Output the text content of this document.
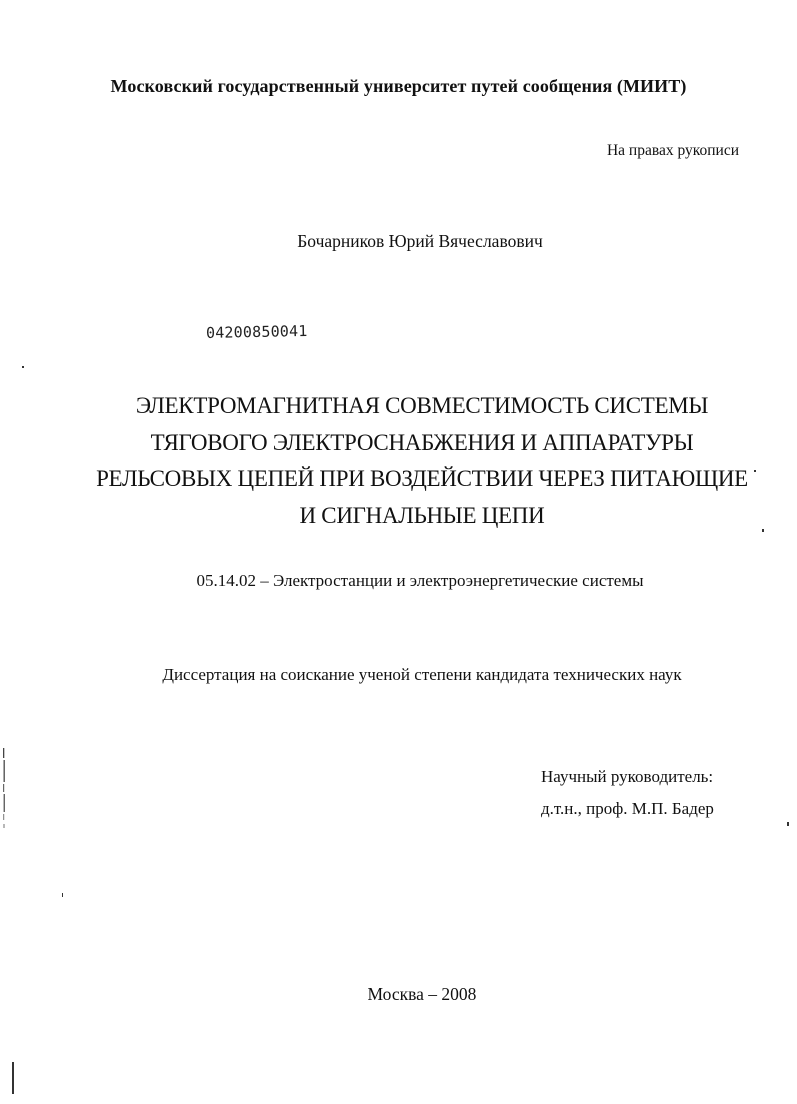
Московский государственный университет путей сообщения (МИИТ)
На правах рукописи
Бочарников Юрий Вячеславович
04200850041
ЭЛЕКТРОМАГНИТНАЯ СОВМЕСТИМОСТЬ СИСТЕМЫ
ТЯГОВОГО ЭЛЕКТРОСНАБЖЕНИЯ И АППАРАТУРЫ
РЕЛЬСОВЫХ ЦЕПЕЙ ПРИ ВОЗДЕЙСТВИИ ЧЕРЕЗ ПИТАЮЩИЕ
И СИГНАЛЬНЫЕ ЦЕПИ
05.14.02 – Электростанции и электроэнергетические системы
Диссертация на соискание ученой степени кандидата технических наук
Научный руководитель:
д.т.н., проф. М.П. Бадер
Москва – 2008
